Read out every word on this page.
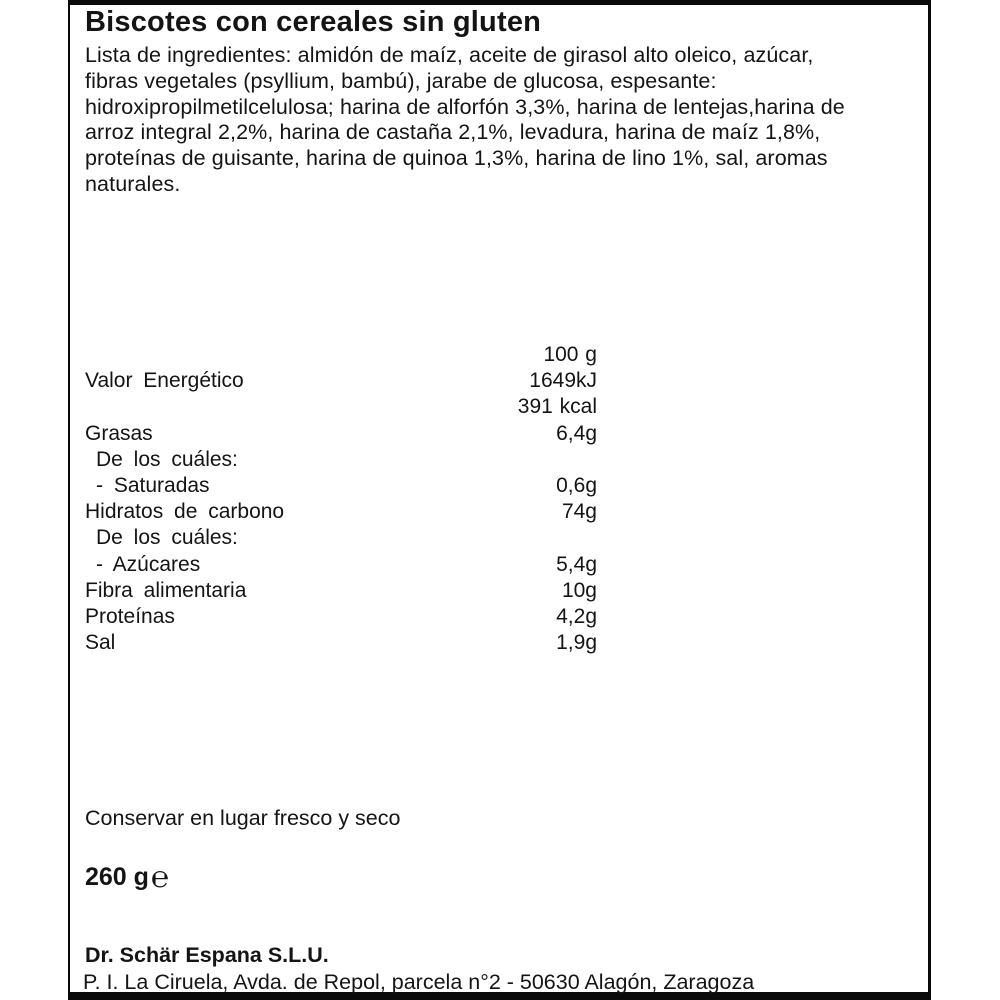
Biscotes con cereales sin gluten
Lista de ingredientes: almidón de maíz, aceite de girasol alto oleico, azúcar,
fibras vegetales (psyllium, bambú), jarabe de glucosa, espesante:
hidroxipropilmetilcelulosa; harina de alforfón 3,3%, harina de lentejas,harina de
arroz integral 2,2%, harina de castaña 2,1%, levadura, harina de maíz 1,8%,
proteínas de guisante, harina de quinoa 1,3%, harina de lino 1%, sal, aromas
naturales.
100 g
Valor Energético	1649kJ
391 kcal
Grasas	6,4g
De los cuáles:
- Saturadas	0,6g
Hidratos de carbono	74g
De los cuáles:
- Azúcares	5,4g
Fibra alimentaria	10g
Proteínas	4,2g
Sal	1,9g
Conservar en lugar fresco y seco
260 g℮
Dr. Schär Espana S.L.U.
P. I. La Ciruela, Avda. de Repol, parcela n°2 - 50630 Alagón, Zaragoza
